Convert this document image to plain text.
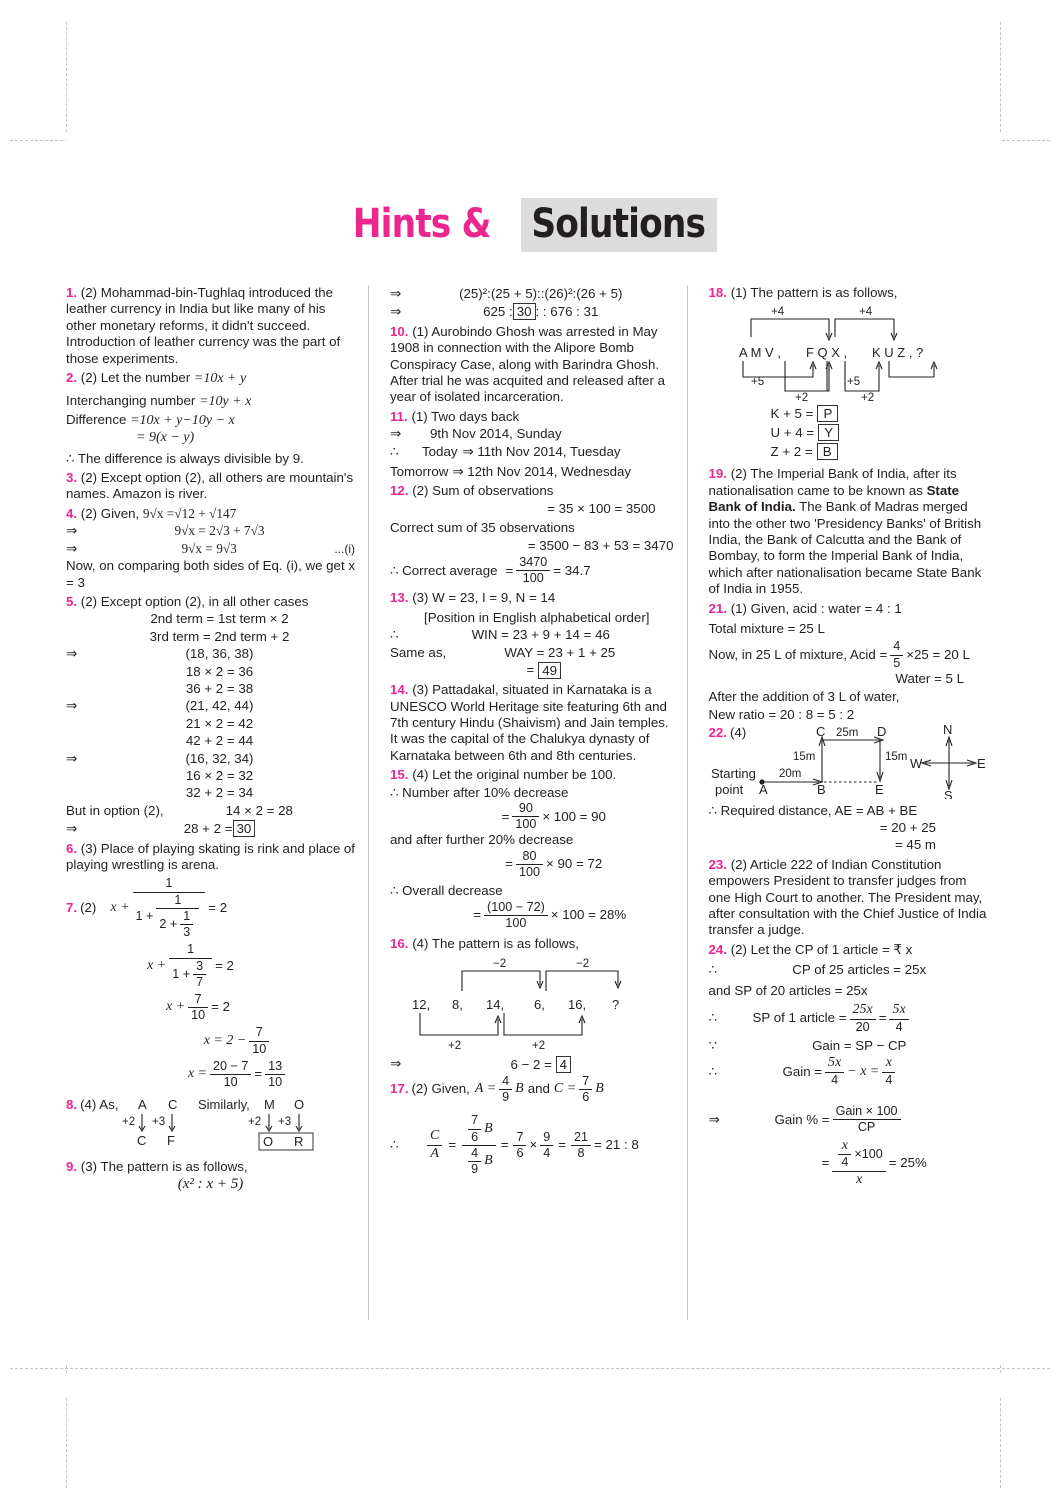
Hints & Solutions

1. (2) Mohammad-bin-Tughlaq introduced the leather currency in India but like many of his other monetary reforms, it didn't succeed. Introduction of leather currency was the part of those experiments.

2. (2) Let the number =10x + y

Interchanging number =10y + x

Difference =10x + y−10y − x

= 9(x − y)

∴ The difference is always divisible by 9.

3. (2) Except option (2), all others are mountain's names. Amazon is river.

4. (2) Given, 9√x =√12 + √147

⇒	9√x = 2√3 + 7√3
⇒	9√x = 9√3	...(i)

Now, on comparing both sides of Eq. (i), we get x = 3

5. (2) Except option (2), in all other cases

2nd term = 1st term × 2
3rd term = 2nd term + 2
⇒	(18, 36, 38)
18 × 2 = 36
36 + 2 = 38
⇒	(21, 42, 44)
21 × 2 = 42
42 + 2 = 44
⇒	(16, 32, 34)
16 × 2 = 32
32 + 2 = 34
But in option (2),	14 × 2 = 28
⇒	28 + 2 = 30

6. (3) Place of playing skating is rink and place of playing wrestling is arena.

7. (2) x +
1
1 +
1
$2 + \frac{1}{3}$
= 2
$x + \frac{1}{1 + \frac{3}{7}} = 2$
$x + \frac{7}{10} = 2$
$x = 2 - \frac{7}{10}$
$x = \frac{20 - 7}{10} = \frac{13}{10}$
8. (4) As, A C
+2 +3
C F
Similarly, M O
+2 +3
O R

9. (3) The pattern is as follows,

(x² : x + 5)
⇒	(25)²:(25 + 5)::(26)²:(26 + 5)
⇒	625 : 30 : : 676 : 31

10. (1) Aurobindo Ghosh was arrested in May 1908 in connection with the Alipore Bomb Conspiracy Case, along with Barindra Ghosh. After trial he was acquited and released after a year of isolated incarceration.

11. (1) Two days back

⇒	9th Nov 2014, Sunday
∴	Today ⇒ 11th Nov 2014, Tuesday
Tomorrow ⇒ 12th Nov 2014, Wednesday

12. (2) Sum of observations

= 35 × 100 = 3500

Correct sum of 35 observations

= 3500 − 83 + 53 = 3470
∴ Correct average = $\frac{3470}{100} = 34.7$

13. (3) W = 23, I = 9, N = 14

[Position in English alphabetical order]
∴	WIN = 23 + 9 + 14 = 46
Same as,	WAY = 23 + 1 + 25
= 49

14. (3) Pattadakal, situated in Karnataka is a UNESCO World Heritage site featuring 6th and 7th century Hindu (Shaivism) and Jain temples. It was the capital of the Chalukya dynasty of Karnataka between 6th and 8th centuries.

15. (4) Let the original number be 100.

∴ Number after 10% decrease

= $\frac{90}{100} \times 100 = 90$

and after further 20% decrease

= $\frac{80}{100} \times 90 = 72$

∴ Overall decrease

= $\frac{(100 - 72)}{100} \times 100 = 28\%$

16. (4) The pattern is as follows,

−2	−2
12, 8, 14, 6, 16, ?
+2	+2
⇒	6 − 2 = 4
17. (2) Given, $A = \frac{4}{9}$ B and $C = \frac{7}{6}$ B
∴	$\frac{C}{A} = \frac{\frac{7}{6} B}{\frac{4}{9} B} = \frac{7}{6} \times \frac{9}{4} = \frac{21}{8} = 21$ : 8

18. (1) The pattern is as follows,

+4	+4
A M V , F Q X , K U Z , ?
+5
+2
+5
+2
K + 5 = P
U + 4 = Y
Z + 2 = B

19. (2) The Imperial Bank of India, after its nationalisation came to be known as State Bank of India. The Bank of Madras merged into the other two 'Presidency Banks' of British India, the Bank of Calcutta and the Bank of Bombay, to form the Imperial Bank of India, which after nationalisation became State Bank of India in 1955.

21. (1) Given, acid : water = 4 : 1

Total mixture = 25 L

Now, in 25 L of mixture, Acid = $\frac{4}{5} \times 25 = 20$ L
Water = 5 L

After the addition of 3 L of water,

New ratio = 20 : 8 = 5 : 2

22. (4)	C 25m D
15m	15m
20m
Starting
point A	B	E
N
S
W	E

∴ Required distance, AE = AB + BE

= 20 + 25
= 45 m

23. (2) Article 222 of Indian Constitution empowers President to transfer judges from one High Court to another. The President may, after consultation with the Chief Justice of India transfer a judge.

24. (2) Let the CP of 1 article = ₹ x

∴	CP of 25 articles = 25x

and SP of 20 articles = 25x

∴	SP of 1 article = $\frac{25x}{20} = \frac{5x}{4}$
∵	Gain = SP − CP
∴	Gain = $\frac{5x}{4} - x = \frac{x}{4}$
⇒	Gain % = $\frac{\text{Gain × 100}}{CP}$
= $\frac{\frac{x}{4} \times 100}{x} = 25\%$
